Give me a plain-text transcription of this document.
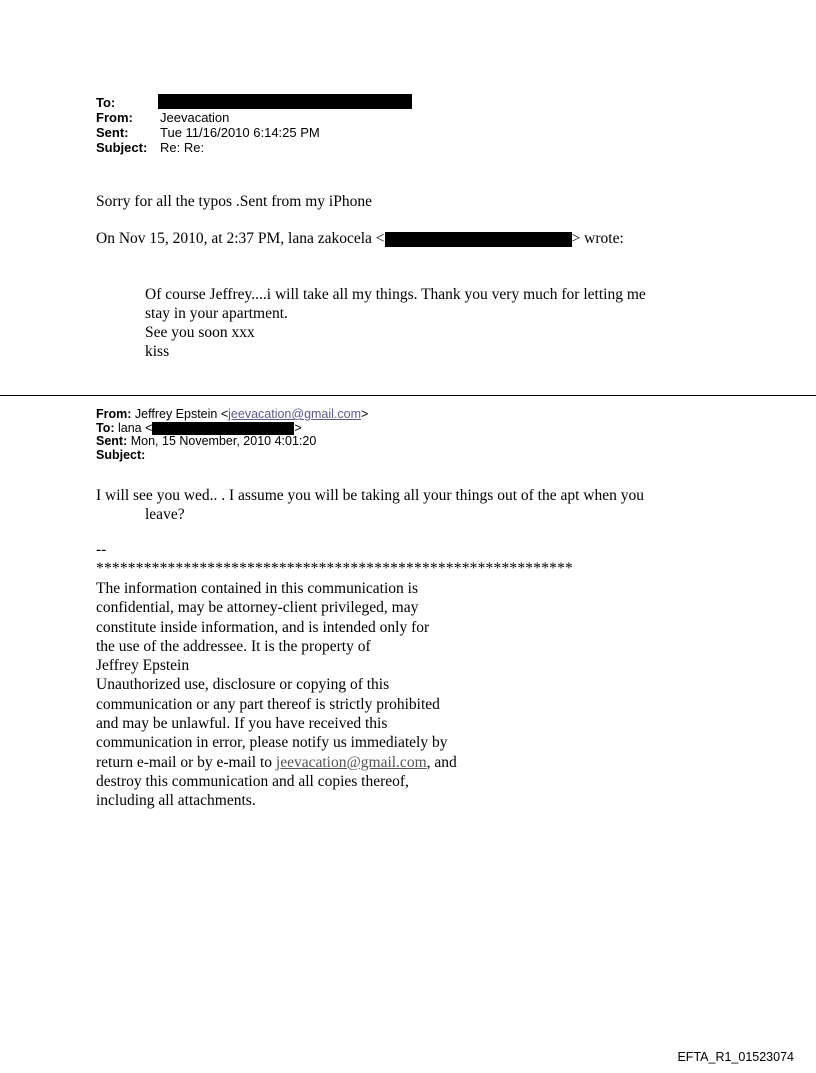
To:
From: Jeevacation
Sent: Tue 11/16/2010 6:14:25 PM
Subject: Re: Re:
Sorry for all the typos .Sent from my iPhone
On Nov 15, 2010, at 2:37 PM, lana zakocela <	> wrote:
Of course Jeffrey....i will take all my things. Thank you very much for letting me
stay in your apartment.
See you soon xxx
kiss
From: Jeffrey Epstein <jeevacation@gmail.com>
To: lana <	>
Sent: Mon, 15 November, 2010 4:01:20
Subject:
I will see you wed.. . I assume you will be taking all your things out of the apt when you
leave?
--
************************************************************
The information contained in this communication is
confidential, may be attorney-client privileged, may
constitute inside information, and is intended only for
the use of the addressee. It is the property of
Jeffrey Epstein
Unauthorized use, disclosure or copying of this
communication or any part thereof is strictly prohibited
and may be unlawful. If you have received this
communication in error, please notify us immediately by
return e-mail or by e-mail to jeevacation@gmail.com, and
destroy this communication and all copies thereof,
including all attachments.
EFTA_R1_01523074
